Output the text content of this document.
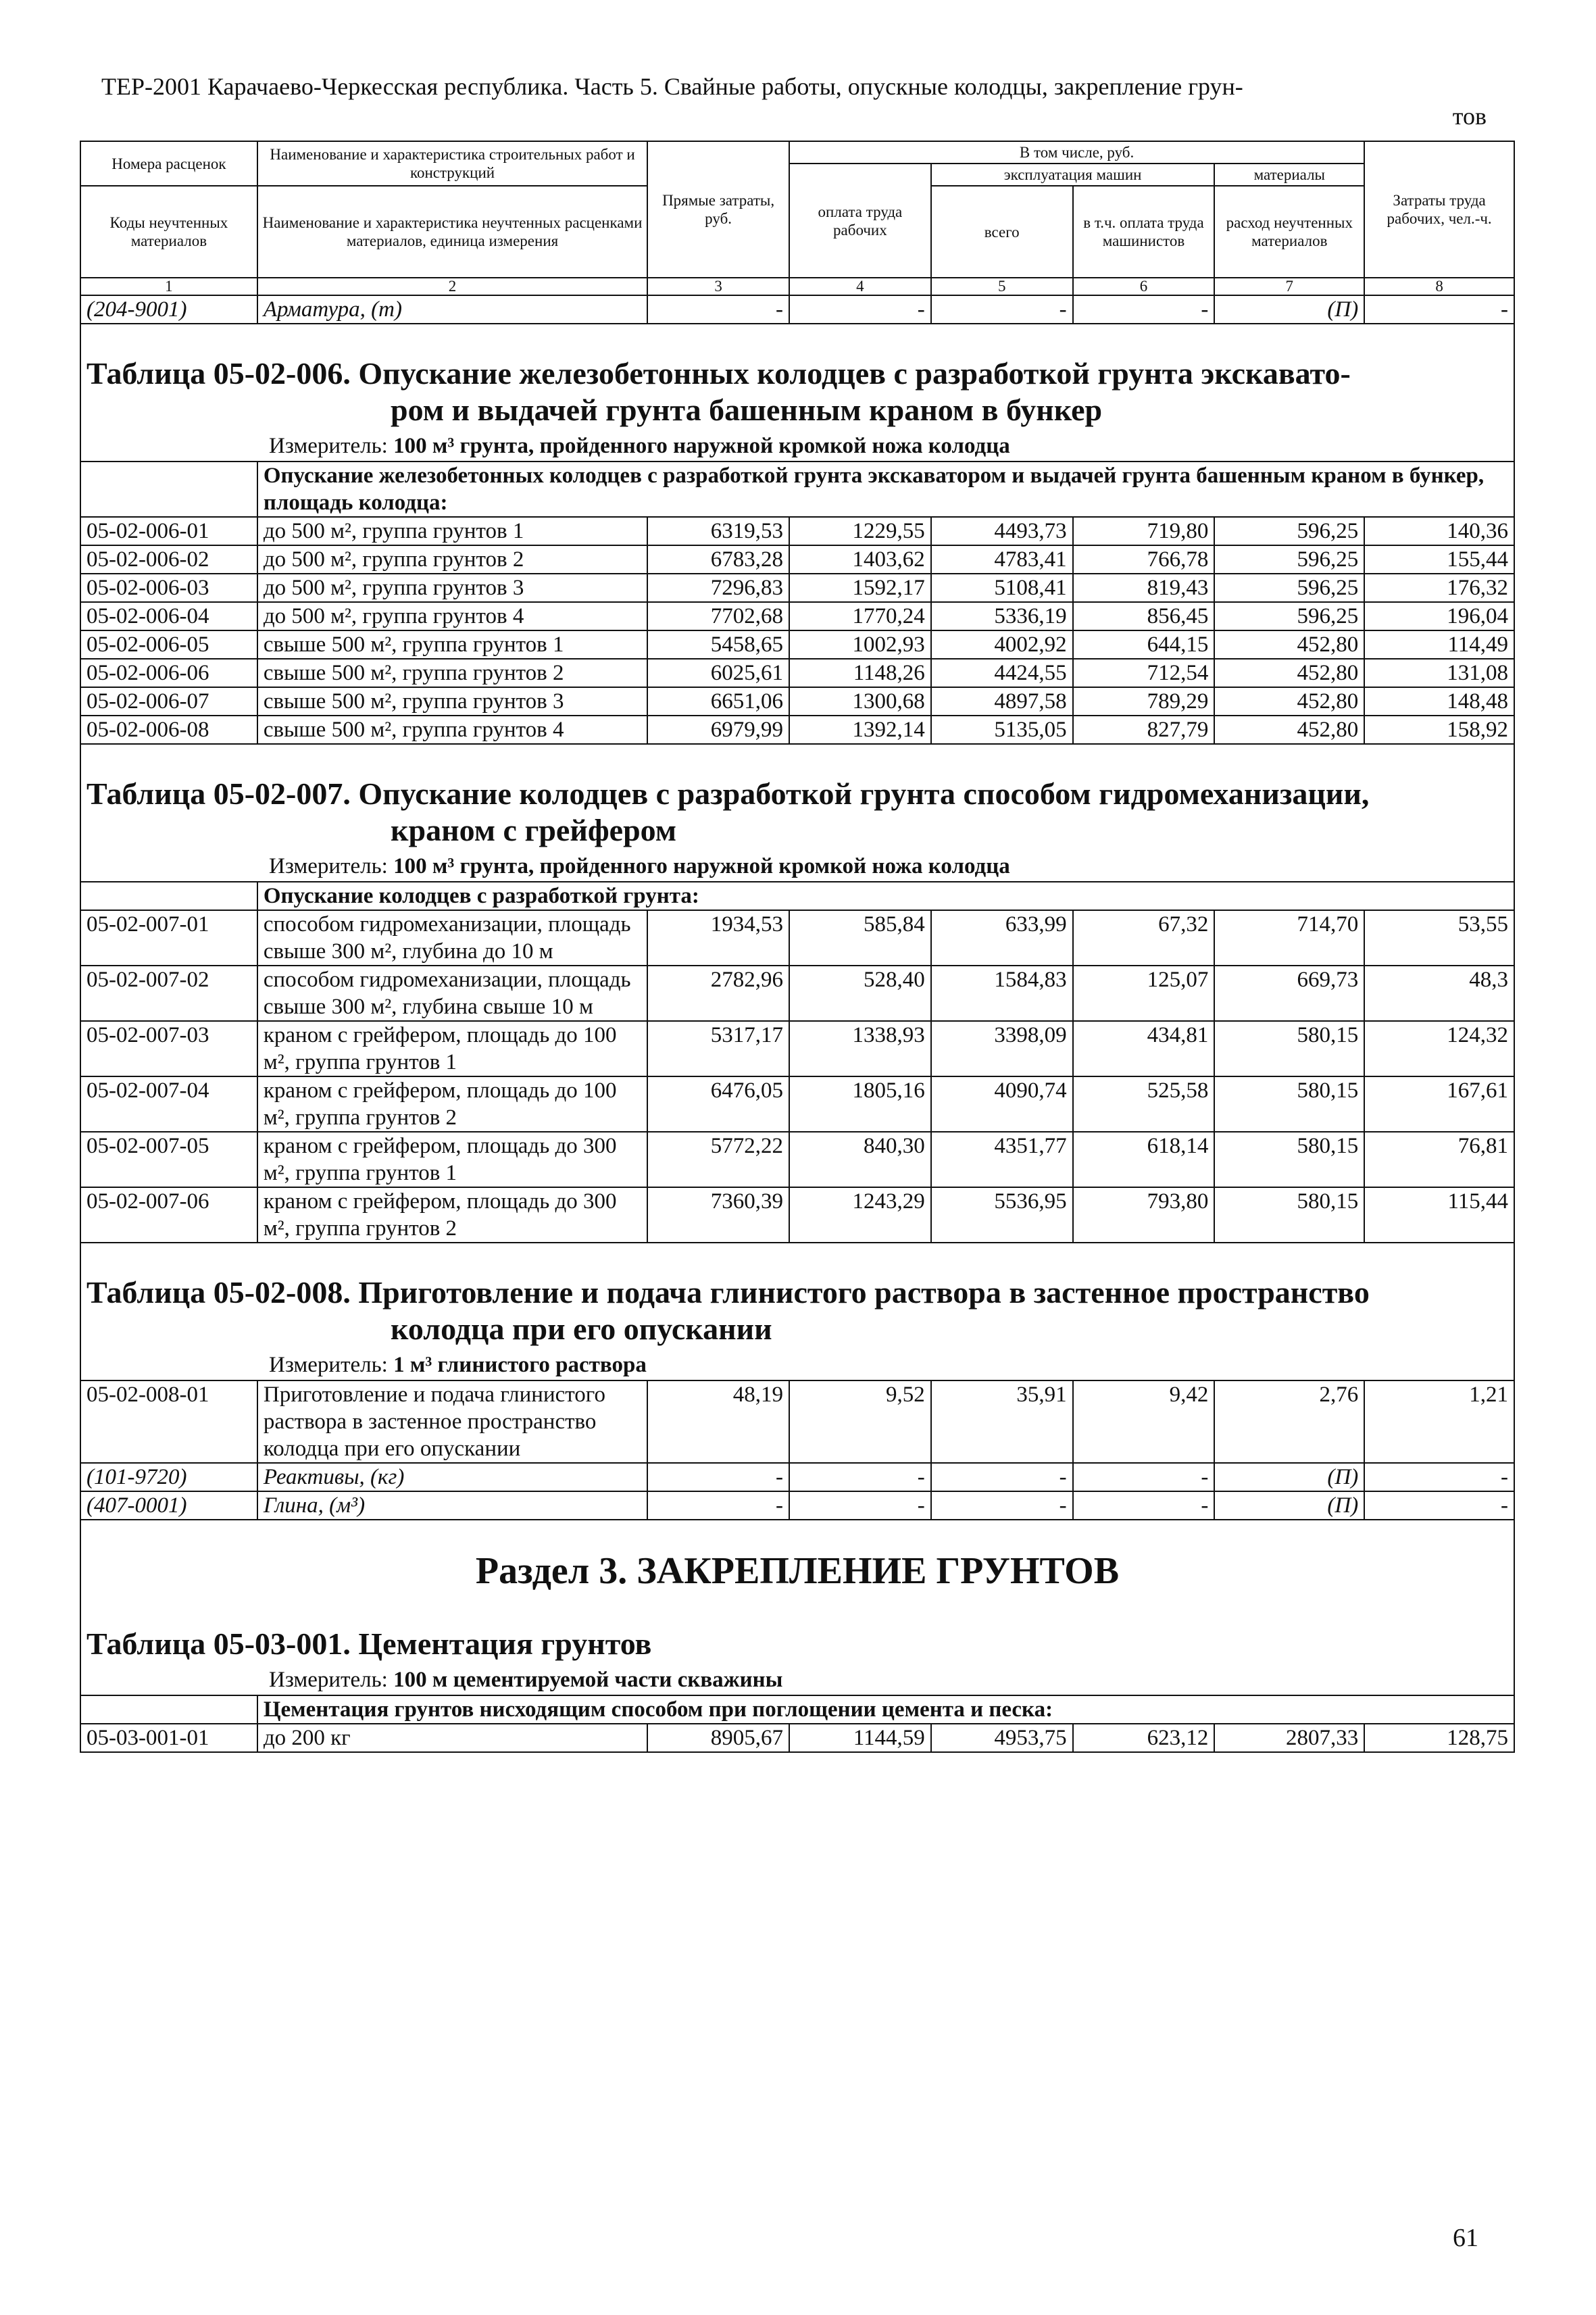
ТЕР-2001 Карачаево-Черкесская республика. Часть 5. Свайные работы, опускные колодцы, закрепление грун-
тов
Номера расценок	Наименование и характеристика строительных работ и конструкций	Прямые затраты, руб.	В том числе, руб.				Затраты труда рабочих, чел.-ч.
			оплата труда рабочих	эксплуатация машин		материалы	
Коды неучтенных материалов	Наименование и характеристика неучтенных расценками материалов, единица измерения			всего	в т.ч. оплата труда машинистов	расход неучтенных материалов	

1	2	3	4	5	6	7	8
(204-9001)	Арматура, (т)	-	-	-	-	(П)	-

Таблица 05-02-006. Опускание железобетонных колодцев с разработкой грунта экскавато-
ром и выдачей грунта башенным краном в бункер
Измеритель: 100 м³ грунта, пройденного наружной кромкой ножа колодца							

	Опускание железобетонных колодцев с разработкой грунта экскаватором и выдачей грунта башенным краном в бункер, площадь колодца:						
05-02-006-01	до 500 м², группа грунтов 1	6319,53	1229,55	4493,73	719,80	596,25	140,36
05-02-006-02	до 500 м², группа грунтов 2	6783,28	1403,62	4783,41	766,78	596,25	155,44
05-02-006-03	до 500 м², группа грунтов 3	7296,83	1592,17	5108,41	819,43	596,25	176,32
05-02-006-04	до 500 м², группа грунтов 4	7702,68	1770,24	5336,19	856,45	596,25	196,04
05-02-006-05	свыше 500 м², группа грунтов 1	5458,65	1002,93	4002,92	644,15	452,80	114,49
05-02-006-06	свыше 500 м², группа грунтов 2	6025,61	1148,26	4424,55	712,54	452,80	131,08
05-02-006-07	свыше 500 м², группа грунтов 3	6651,06	1300,68	4897,58	789,29	452,80	148,48
05-02-006-08	свыше 500 м², группа грунтов 4	6979,99	1392,14	5135,05	827,79	452,80	158,92

Таблица 05-02-007. Опускание колодцев с разработкой грунта способом гидромеханизации,
краном с грейфером
Измеритель: 100 м³ грунта, пройденного наружной кромкой ножа колодца							

	Опускание колодцев с разработкой грунта:						
05-02-007-01	способом гидромеханизации, площадь свыше 300 м², глубина до 10 м	1934,53	585,84	633,99	67,32	714,70	53,55
05-02-007-02	способом гидромеханизации, площадь свыше 300 м², глубина свыше 10 м	2782,96	528,40	1584,83	125,07	669,73	48,3
05-02-007-03	краном с грейфером, площадь до 100 м², группа грунтов 1	5317,17	1338,93	3398,09	434,81	580,15	124,32
05-02-007-04	краном с грейфером, площадь до 100 м², группа грунтов 2	6476,05	1805,16	4090,74	525,58	580,15	167,61
05-02-007-05	краном с грейфером, площадь до 300 м², группа грунтов 1	5772,22	840,30	4351,77	618,14	580,15	76,81
05-02-007-06	краном с грейфером, площадь до 300 м², группа грунтов 2	7360,39	1243,29	5536,95	793,80	580,15	115,44

Таблица 05-02-008. Приготовление и подача глинистого раствора в застенное пространство
колодца при его опускании
Измеритель: 1 м³ глинистого раствора							

05-02-008-01	Приготовление и подача глинистого раствора в застенное пространство колодца при его опускании	48,19	9,52	35,91	9,42	2,76	1,21
(101-9720)	Реактивы, (кг)	-	-	-	-	(П)	-
(407-0001)	Глина, (м³)	-	-	-	-	(П)	-

Раздел 3. ЗАКРЕПЛЕНИЕ ГРУНТОВ
Таблица 05-03-001. Цементация грунтов
Измеритель: 100 м цементируемой части скважины							

	Цементация грунтов нисходящим способом при поглощении цемента и песка:						
05-03-001-01	до 200 кг	8905,67	1144,59	4953,75	623,12	2807,33	128,75
61
